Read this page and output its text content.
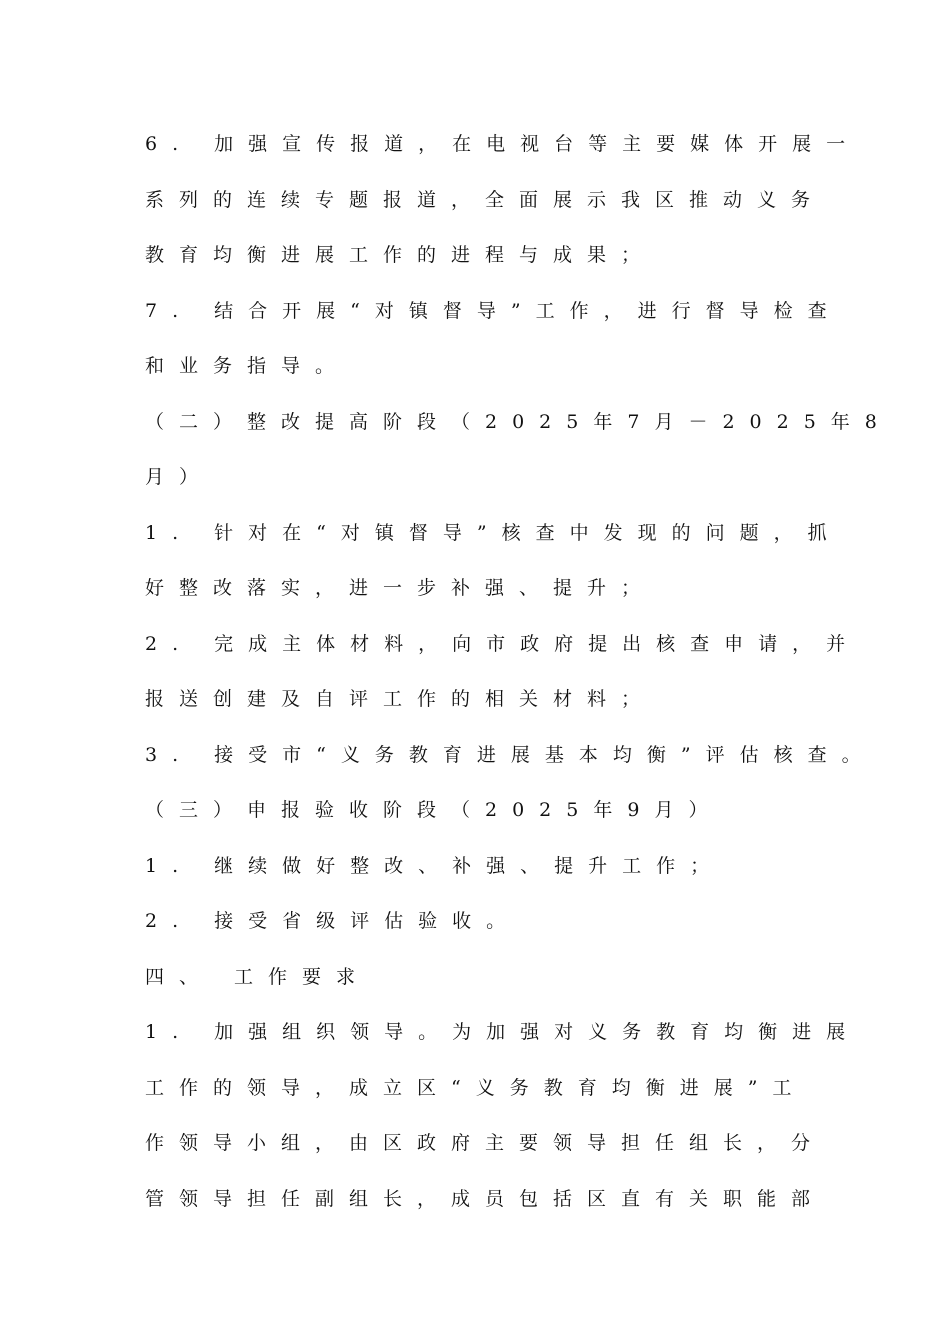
6. 加强宣传报道，在电视台等主要媒体开展一
系列的连续专题报道，全面展示我区推动义务
教育均衡进展工作的进程与成果；
7. 结合开展“对镇督导”工作，进行督导检查
和业务指导。
（二）整改提高阶段（2025年7月－2025年8
月）
1. 针对在“对镇督导”核查中发现的问题，抓
好整改落实，进一步补强、提升；
2. 完成主体材料，向市政府提出核查申请，并
报送创建及自评工作的相关材料；
3. 接受市“义务教育进展基本均衡”评估核查。
（三）申报验收阶段（2025年9月）
1. 继续做好整改、补强、提升工作；
2. 接受省级评估验收。
四、 工作要求
1. 加强组织领导。为加强对义务教育均衡进展
工作的领导，成立区“义务教育均衡进展”工
作领导小组，由区政府主要领导担任组长，分
管领导担任副组长，成员包括区直有关职能部
